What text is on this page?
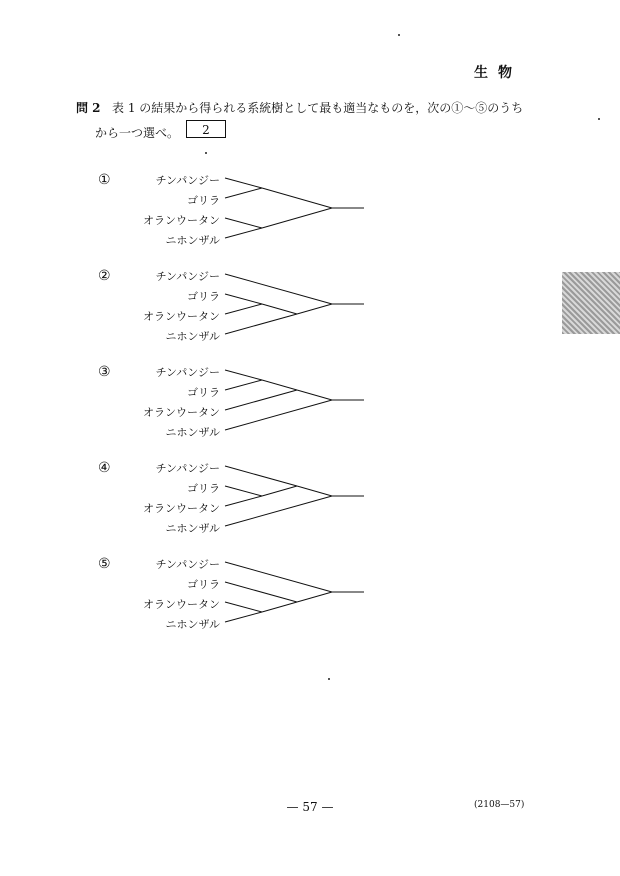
生物
問 2 表 1 の結果から得られる系統樹として最も適当なものを，次の①～⑤のうち
から一つ選べ。	2
①	チンパンジー
ゴリラ
オランウータン
ニホンザル
②	チンパンジー
ゴリラ
オランウータン
ニホンザル
③	チンパンジー
ゴリラ
オランウータン
ニホンザル
④	チンパンジー
ゴリラ
オランウータン
ニホンザル
⑤	チンパンジー
ゴリラ
オランウータン
ニホンザル
— 57 —	(2108—57)
